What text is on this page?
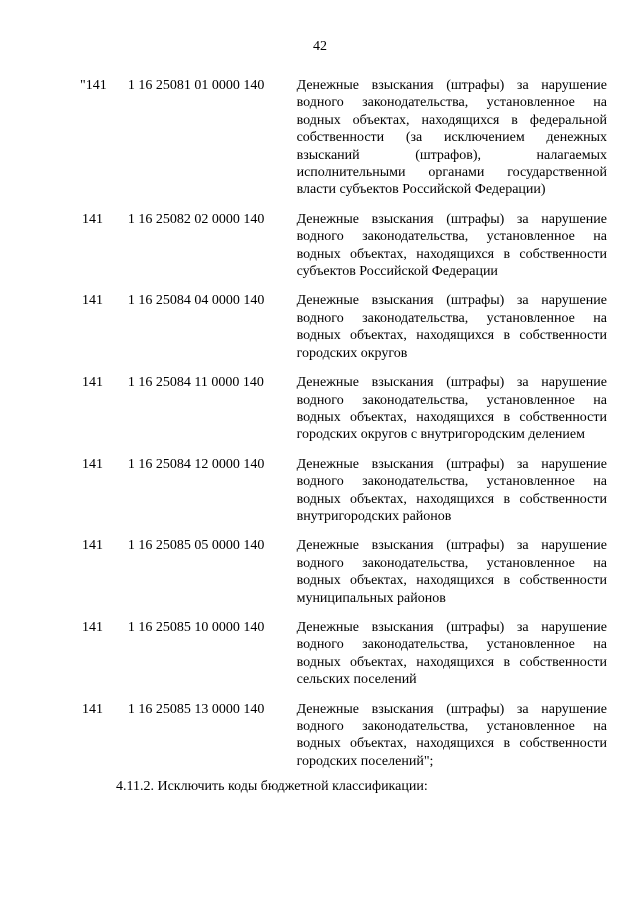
42
"141	1 16 25081 01 0000 140	Денежные взыскания (штрафы) за нарушение водного законодательства, установленное на водных объектах, находящихся в федеральной собственности (за исключением денежных взысканий (штрафов), налагаемых исполнительными органами государственной власти субъектов Российской Федерации)
141	1 16 25082 02 0000 140	Денежные взыскания (штрафы) за нарушение водного законодательства, установленное на водных объектах, находящихся в собственности субъектов Российской Федерации
141	1 16 25084 04 0000 140	Денежные взыскания (штрафы) за нарушение водного законодательства, установленное на водных объектах, находящихся в собственности городских округов
141	1 16 25084 11 0000 140	Денежные взыскания (штрафы) за нарушение водного законодательства, установленное на водных объектах, находящихся в собственности городских округов с внутригородским делением
141	1 16 25084 12 0000 140	Денежные взыскания (штрафы) за нарушение водного законодательства, установленное на водных объектах, находящихся в собственности внутригородских районов
141	1 16 25085 05 0000 140	Денежные взыскания (штрафы) за нарушение водного законодательства, установленное на водных объектах, находящихся в собственности муниципальных районов
141	1 16 25085 10 0000 140	Денежные взыскания (штрафы) за нарушение водного законодательства, установленное на водных объектах, находящихся в собственности сельских поселений
141	1 16 25085 13 0000 140	Денежные взыскания (штрафы) за нарушение водного законодательства, установленное на водных объектах, находящихся в собственности городских поселений";
4.11.2. Исключить коды бюджетной классификации:
